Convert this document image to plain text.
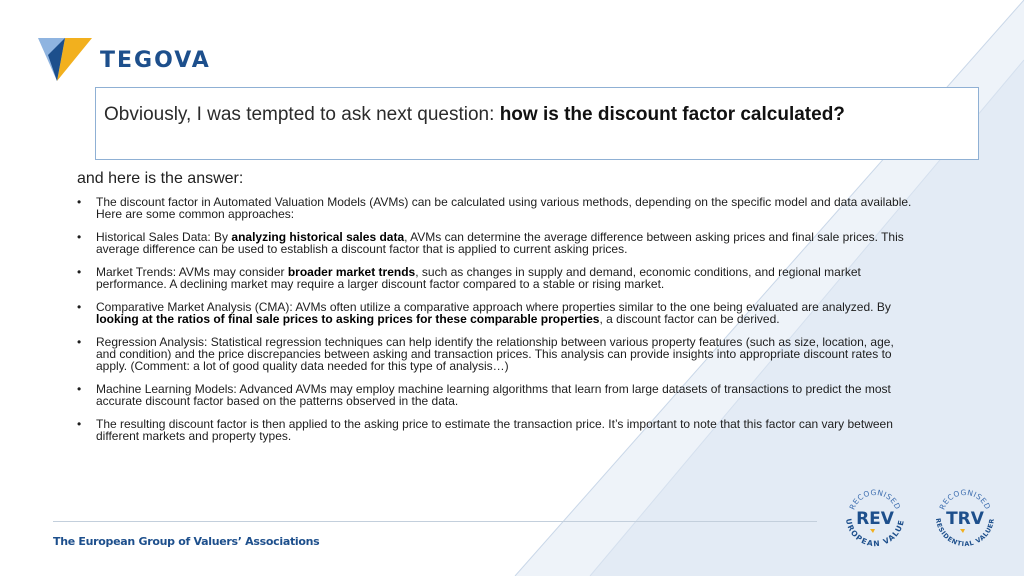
TEGOVA
Obviously, I was tempted to ask next question: how is the discount factor calculated?
and here is the answer:
• The discount factor in Automated Valuation Models (AVMs) can be calculated using various methods, depending on the specific model and data available. Here are some common approaches:
• Historical Sales Data: By analyzing historical sales data, AVMs can determine the average difference between asking prices and final sale prices. This average difference can be used to establish a discount factor that is applied to current asking prices.
• Market Trends: AVMs may consider broader market trends, such as changes in supply and demand, economic conditions, and regional market performance. A declining market may require a larger discount factor compared to a stable or rising market.
• Comparative Market Analysis (CMA): AVMs often utilize a comparative approach where properties similar to the one being evaluated are analyzed. By looking at the ratios of final sale prices to asking prices for these comparable properties, a discount factor can be derived.
• Regression Analysis: Statistical regression techniques can help identify the relationship between various property features (such as size, location, age, and condition) and the price discrepancies between asking and transaction prices. This analysis can provide insights into appropriate discount rates to apply. (Comment: a lot of good quality data needed for this type of analysis…)
• Machine Learning Models: Advanced AVMs may employ machine learning algorithms that learn from large datasets of transactions to predict the most accurate discount factor based on the patterns observed in the data.
• The resulting discount factor is then applied to the asking price to estimate the transaction price. It’s important to note that this factor can vary between different markets and property types.
The European Group of Valuers’ Associations
RECOGNISED
UROPEAN VALUE
REV
RECOGNISED
RESIDENTIAL VALUER
TRV
